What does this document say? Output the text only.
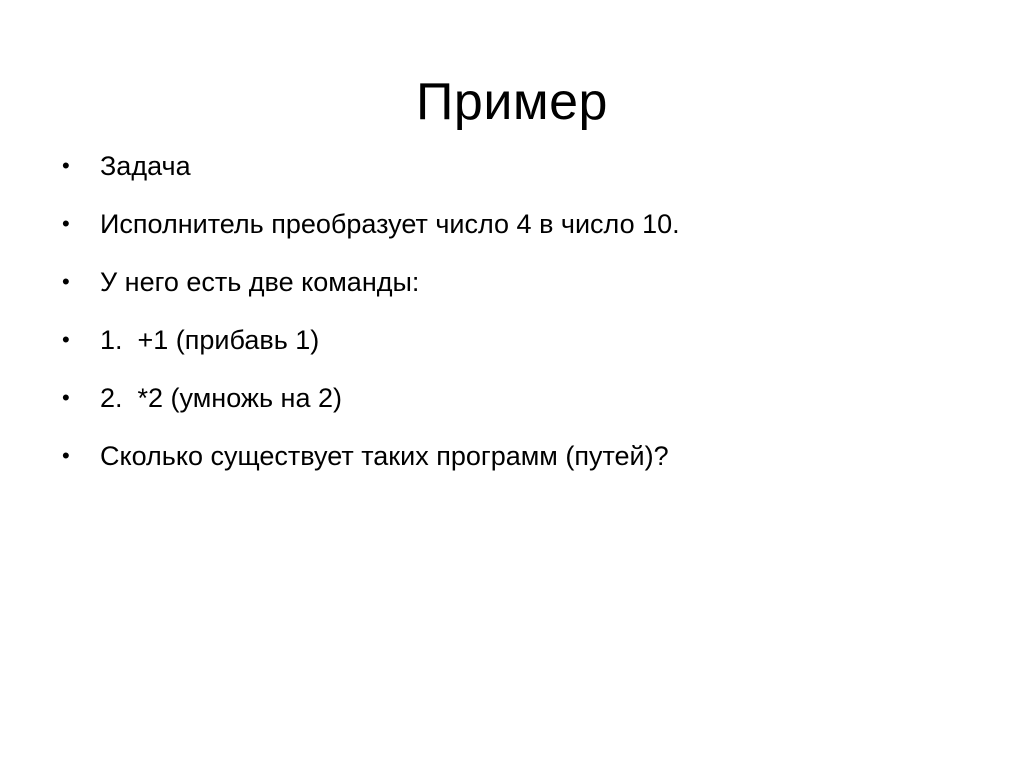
Пример
•	Задача
•	Исполнитель преобразует число 4 в число 10.
•	У него есть две команды:
•	1.  +1 (прибавь 1)
•	2.  *2 (умножь на 2)
•	Сколько существует таких программ (путей)?
